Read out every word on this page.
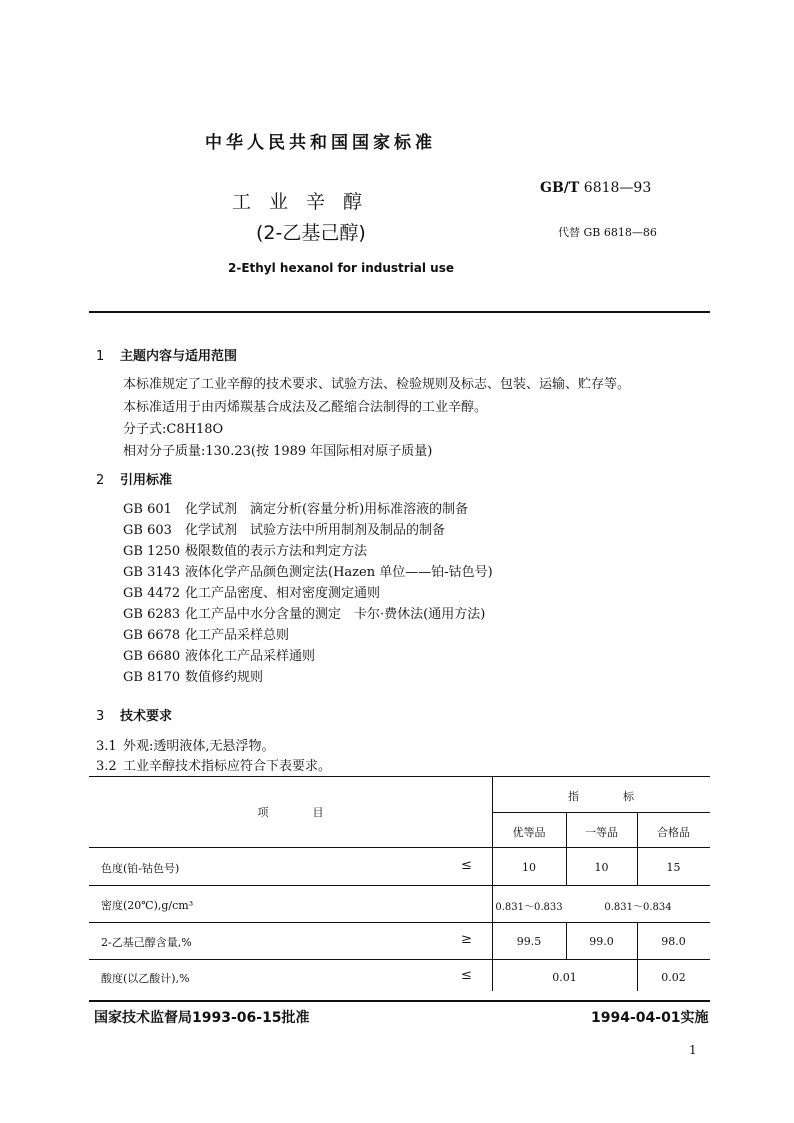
中华人民共和国国家标准
工业辛醇
(2-乙基己醇)
GB/T 6818—93
代替 GB 6818—86
2-Ethyl hexanol for industrial use
1 主题内容与适用范围
本标准规定了工业辛醇的技术要求、试验方法、检验规则及标志、包装、运输、贮存等。
本标准适用于由丙烯羰基合成法及乙醛缩合法制得的工业辛醇。
分子式:C8H18O
相对分子质量:130.23(按 1989 年国际相对原子质量)
2 引用标准
GB 601 化学试剂　滴定分析(容量分析)用标准溶液的制备
GB 603 化学试剂　试验方法中所用制剂及制品的制备
GB 1250 极限数值的表示方法和判定方法
GB 3143 液体化学产品颜色测定法(Hazen 单位——铂-钴色号)
GB 4472 化工产品密度、相对密度测定通则
GB 6283 化工产品中水分含量的测定　卡尔·费休法(通用方法)
GB 6678 化工产品采样总则
GB 6680 液体化工产品采样通则
GB 8170 数值修约规则
3 技术要求
3.1 外观:透明液体,无悬浮物。
3.2 工业辛醇技术指标应符合下表要求。
项　　　　目
指　　　　标
优等品	一等品	合格品
色度(铂-钴色号)	≤	10	10	15
密度(20℃),g/cm³	0.831～0.833	0.831～0.834
2-乙基己醇含量,%	≥	99.5	99.0	98.0
酸度(以乙酸计),%	≤	0.01	0.02
国家技术监督局1993-06-15批准	1994-04-01实施
1
